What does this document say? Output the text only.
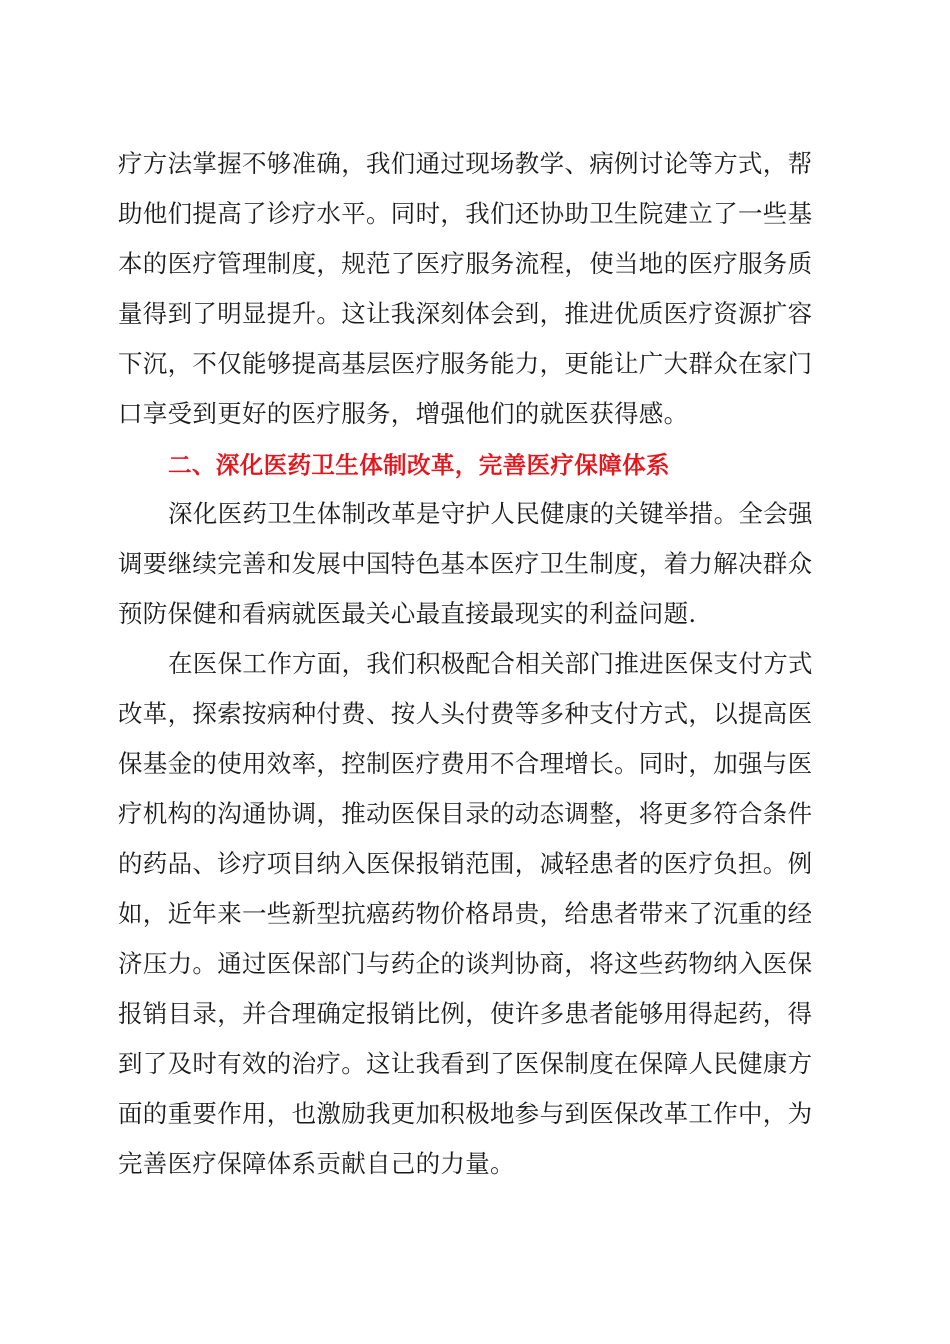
疗方法掌握不够准确，我们通过现场教学、病例讨论等方式，帮
助他们提高了诊疗水平。同时，我们还协助卫生院建立了一些基
本的医疗管理制度，规范了医疗服务流程，使当地的医疗服务质
量得到了明显提升。这让我深刻体会到，推进优质医疗资源扩容
下沉，不仅能够提高基层医疗服务能力，更能让广大群众在家门
口享受到更好的医疗服务，增强他们的就医获得感。
二、深化医药卫生体制改革，完善医疗保障体系
深化医药卫生体制改革是守护人民健康的关键举措。全会强
调要继续完善和发展中国特色基本医疗卫生制度，着力解决群众
预防保健和看病就医最关心最直接最现实的利益问题.
在医保工作方面，我们积极配合相关部门推进医保支付方式
改革，探索按病种付费、按人头付费等多种支付方式，以提高医
保基金的使用效率，控制医疗费用不合理增长。同时，加强与医
疗机构的沟通协调，推动医保目录的动态调整，将更多符合条件
的药品、诊疗项目纳入医保报销范围，减轻患者的医疗负担。例
如，近年来一些新型抗癌药物价格昂贵，给患者带来了沉重的经
济压力。通过医保部门与药企的谈判协商，将这些药物纳入医保
报销目录，并合理确定报销比例，使许多患者能够用得起药，得
到了及时有效的治疗。这让我看到了医保制度在保障人民健康方
面的重要作用，也激励我更加积极地参与到医保改革工作中，为
完善医疗保障体系贡献自己的力量。
